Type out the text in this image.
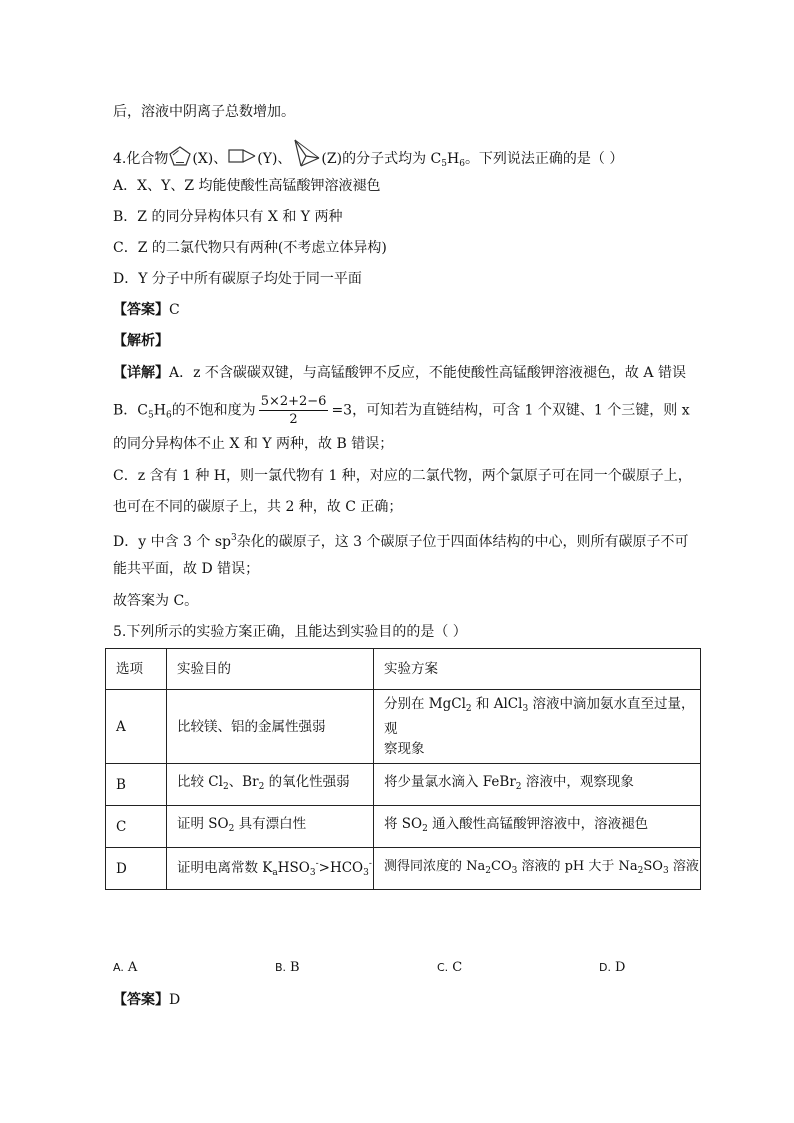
后，溶液中阴离子总数增加。
4.化合物 (X)、 (Y)、 (Z)的分子式均为 $C_5H_6$。下列说法正确的是（ ）
A．X、Y、Z 均能使酸性高锰酸钾溶液褪色
B．Z 的同分异构体只有 X 和 Y 两种
C．Z 的二氯代物只有两种(不考虑立体异构)
D．Y 分子中所有碳原子均处于同一平面
【答案】C
【解析】
【详解】A．z 不含碳碳双键，与高锰酸钾不反应，不能使酸性高锰酸钾溶液褪色，故 A 错误
B．$C_5H_6$的不饱和度为 $\frac{5\times 2+2-6}{2} =3$，可知若为直链结构，可含 1 个双键、1 个三键，则 x
的同分异构体不止 X 和 Y 两种，故 B 错误；
C．z 含有 1 种 H，则一氯代物有 1 种，对应的二氯代物，两个氯原子可在同一个碳原子上，
也可在不同的碳原子上，共 2 种，故 C 正确；
D．y 中含 3 个 $sp^3$杂化的碳原子，这 3 个碳原子位于四面体结构的中心，则所有碳原子不可
能共平面，故 D 错误；
故答案为 C。
5.下列所示的实验方案正确，且能达到实验目的的是（ ）
选项	实验目的	实验方案
A	比较镁、铝的金属性强弱	分别在 MgCl$_2$ 和 AlCl$_3$ 溶液中滴加氨水直至过量，观
察现象
B	比较 $Cl_2$、$Br_2$ 的氧化性强弱	将少量氯水滴入 FeBr$_2$ 溶液中，观察现象
C	证明 $SO_2$ 具有漂白性	将 $SO_2$ 通入酸性高锰酸钾溶液中，溶液褪色
D	证明电离常数 $K_aHSO_3^->HCO_3^-$	测得同浓度的 $Na_2CO_3$ 溶液的 pH 大于 $Na_2SO_3$ 溶液
A. A	B. B	C. C	D. D
【答案】D
